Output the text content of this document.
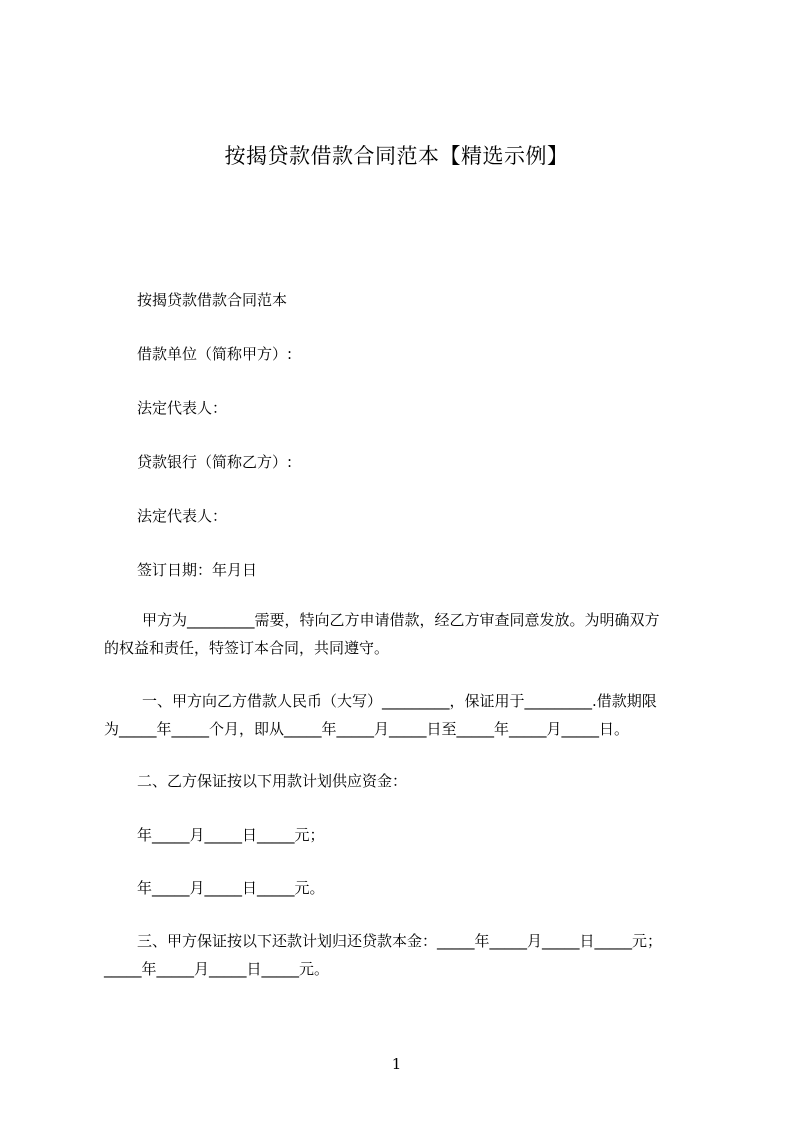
按揭贷款借款合同范本【精选示例】
按揭贷款借款合同范本
借款单位（简称甲方）:
法定代表人：
贷款银行（简称乙方）:
法定代表人：
签订日期：年月日
甲方为_________需要，特向乙方申请借款，经乙方审查同意发放。为明确双方
的权益和责任，特签订本合同，共同遵守。
一、甲方向乙方借款人民币（大写）_________，保证用于_________.借款期限
为_____年_____个月，即从_____年_____月_____日至_____年_____月_____日。
二、乙方保证按以下用款计划供应资金：
年_____月_____日_____元；
年_____月_____日_____元。
三、甲方保证按以下还款计划归还贷款本金：_____年_____月_____日_____元；
_____年_____月_____日_____元。
1
